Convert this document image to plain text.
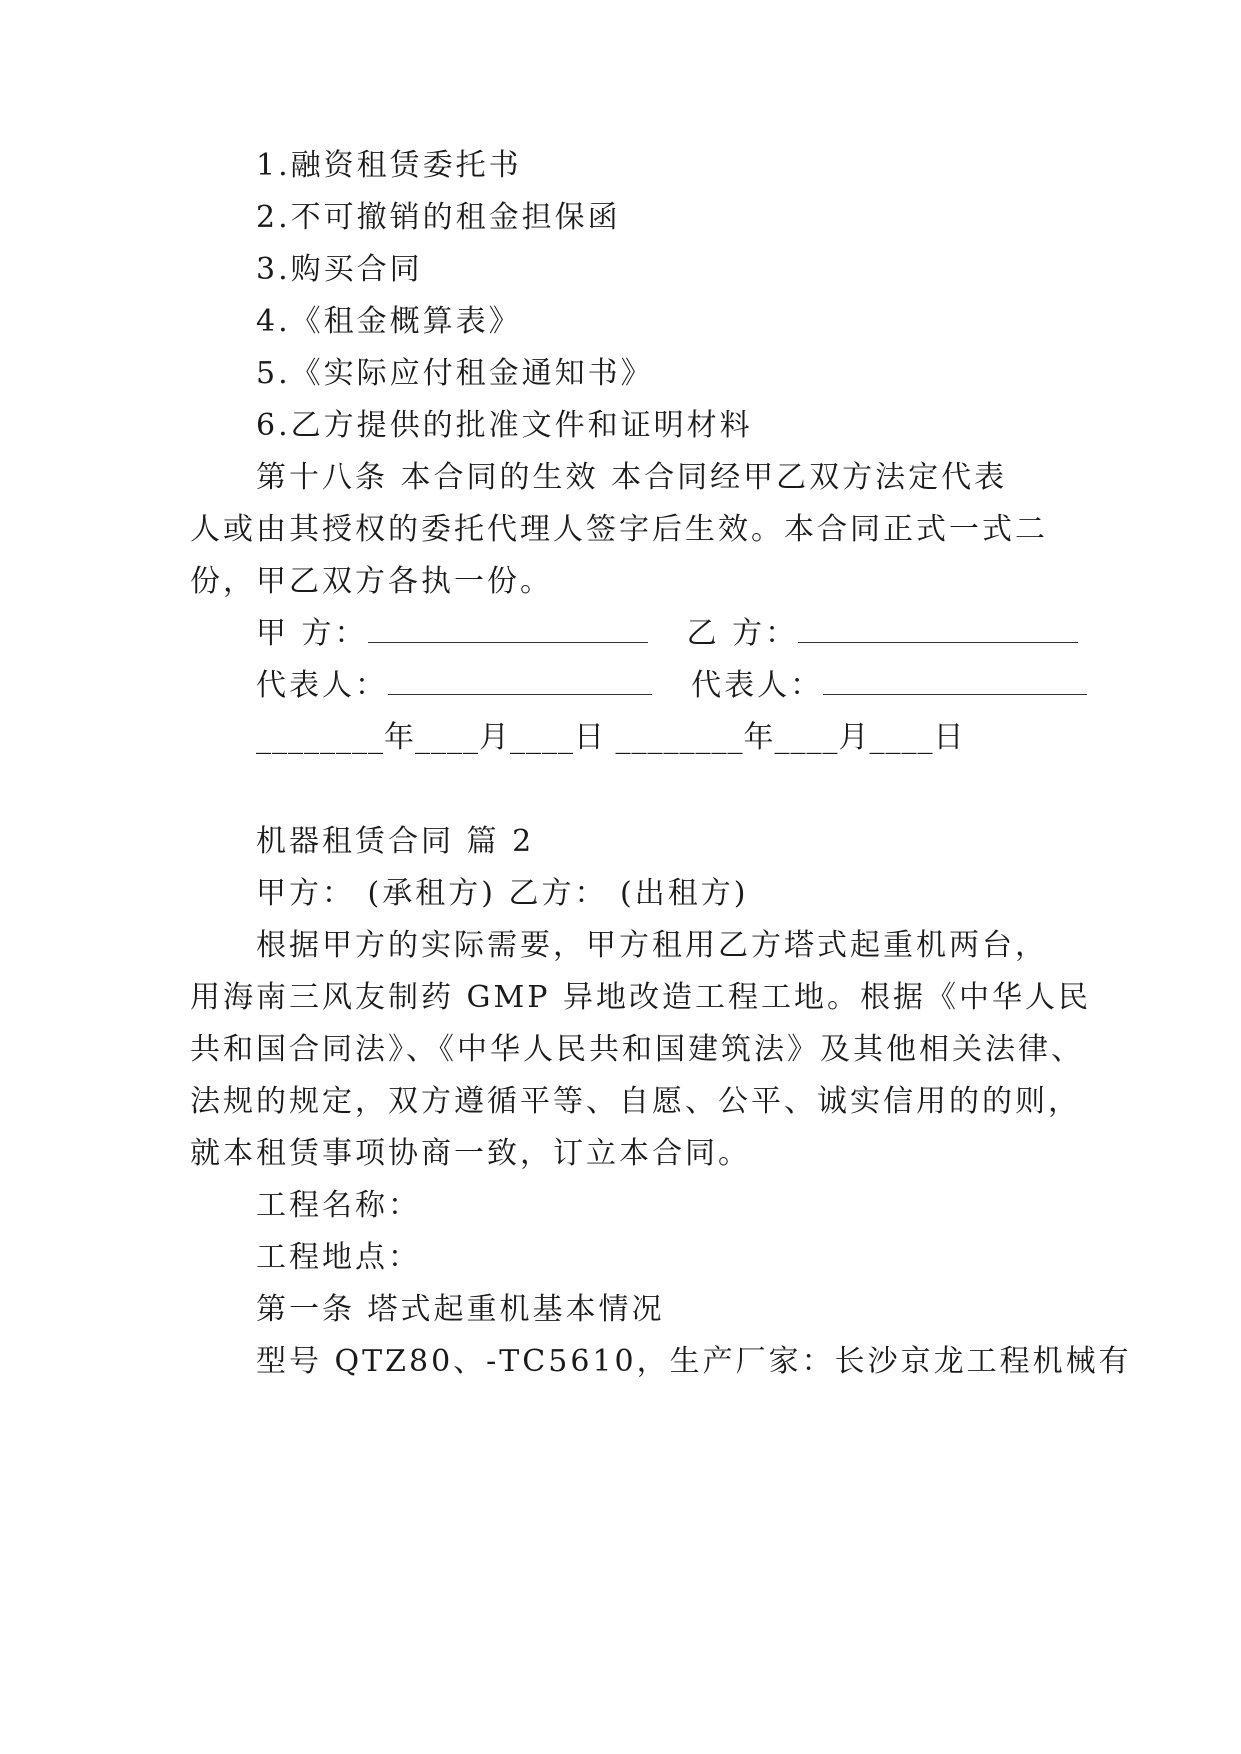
1.融资租赁委托书
2.不可撤销的租金担保函
3.购买合同
4.《租金概算表》
5.《实际应付租金通知书》
6.乙方提供的批准文件和证明材料
第十八条 本合同的生效 本合同经甲乙双方法定代表
人或由其授权的委托代理人签字后生效。本合同正式一式二
份，甲乙双方各执一份。
甲 方：	乙 方：
代表人：	代表人：
________年____月____日 ________年____月____日
机器租赁合同 篇 2
甲方： (承租方) 乙方： (出租方)
根据甲方的实际需要，甲方租用乙方塔式起重机两台，
用海南三风友制药 GMP 异地改造工程工地。根据《中华人民
共和国合同法》、《中华人民共和国建筑法》及其他相关法律、
法规的规定，双方遵循平等、自愿、公平、诚实信用的的则，
就本租赁事项协商一致，订立本合同。
工程名称：
工程地点：
第一条 塔式起重机基本情况
型号 QTZ80、-TC5610，生产厂家：长沙京龙工程机械有
